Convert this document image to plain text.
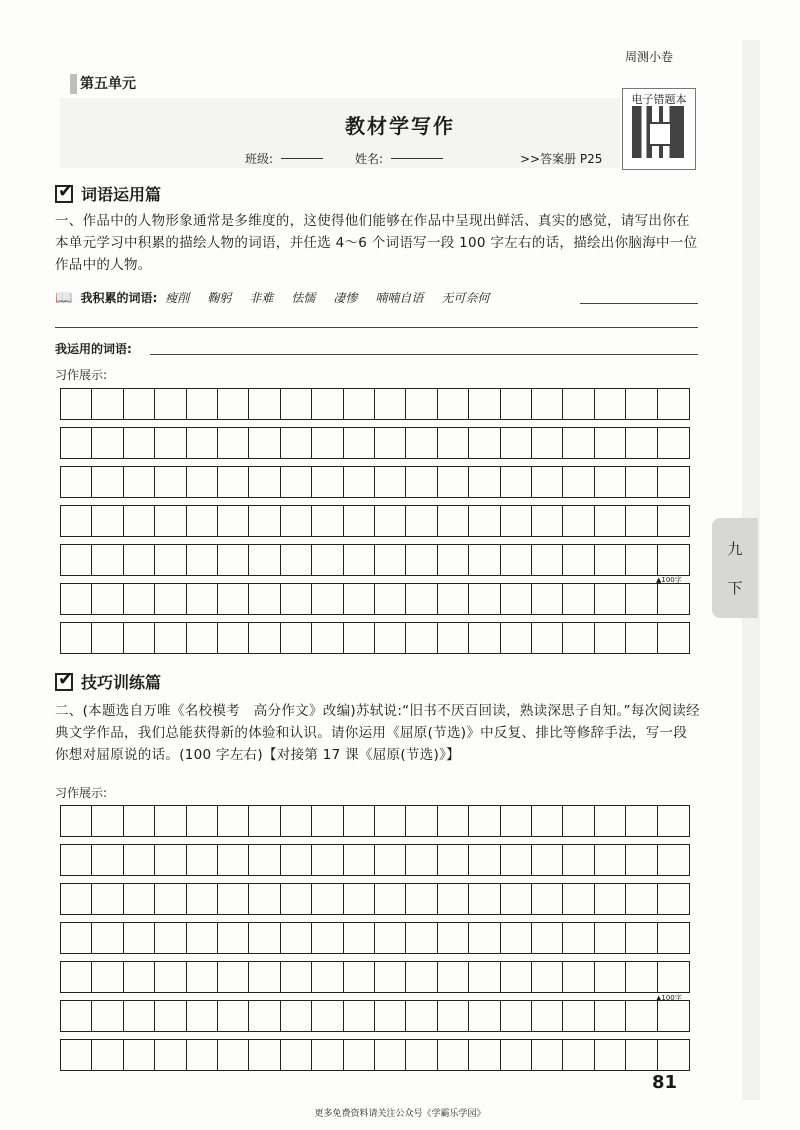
周测小卷
第五单元
教材学写作
班级:	姓名:	>>答案册 P25
电子错题本
✔
词语运用篇
一、作品中的人物形象通常是多维度的，这使得他们能够在作品中呈现出鲜活、真实的感觉，请写出你在本单元学习中积累的描绘人物的词语，并任选 4～6 个词语写一段 100 字左右的话，描绘出你脑海中一位作品中的人物。
📖 我积累的词语: 瘦削 鞠躬 非难 怯懦 凄惨 喃喃自语 无可奈何
我运用的词语:
习作展示:
▲100字
✔
技巧训练篇
二、(本题选自万唯《名校模考　高分作文》改编)苏轼说:“旧书不厌百回读，熟读深思子自知。”每次阅读经典文学作品，我们总能获得新的体验和认识。请你运用《屈原(节选)》中反复、排比等修辞手法，写一段你想对屈原说的话。(100 字左右)【对接第 17 课《屈原(节选)》】
习作展示:
▲100字
九
下
81
更多免费资料请关注公众号《学霸乐学园》
